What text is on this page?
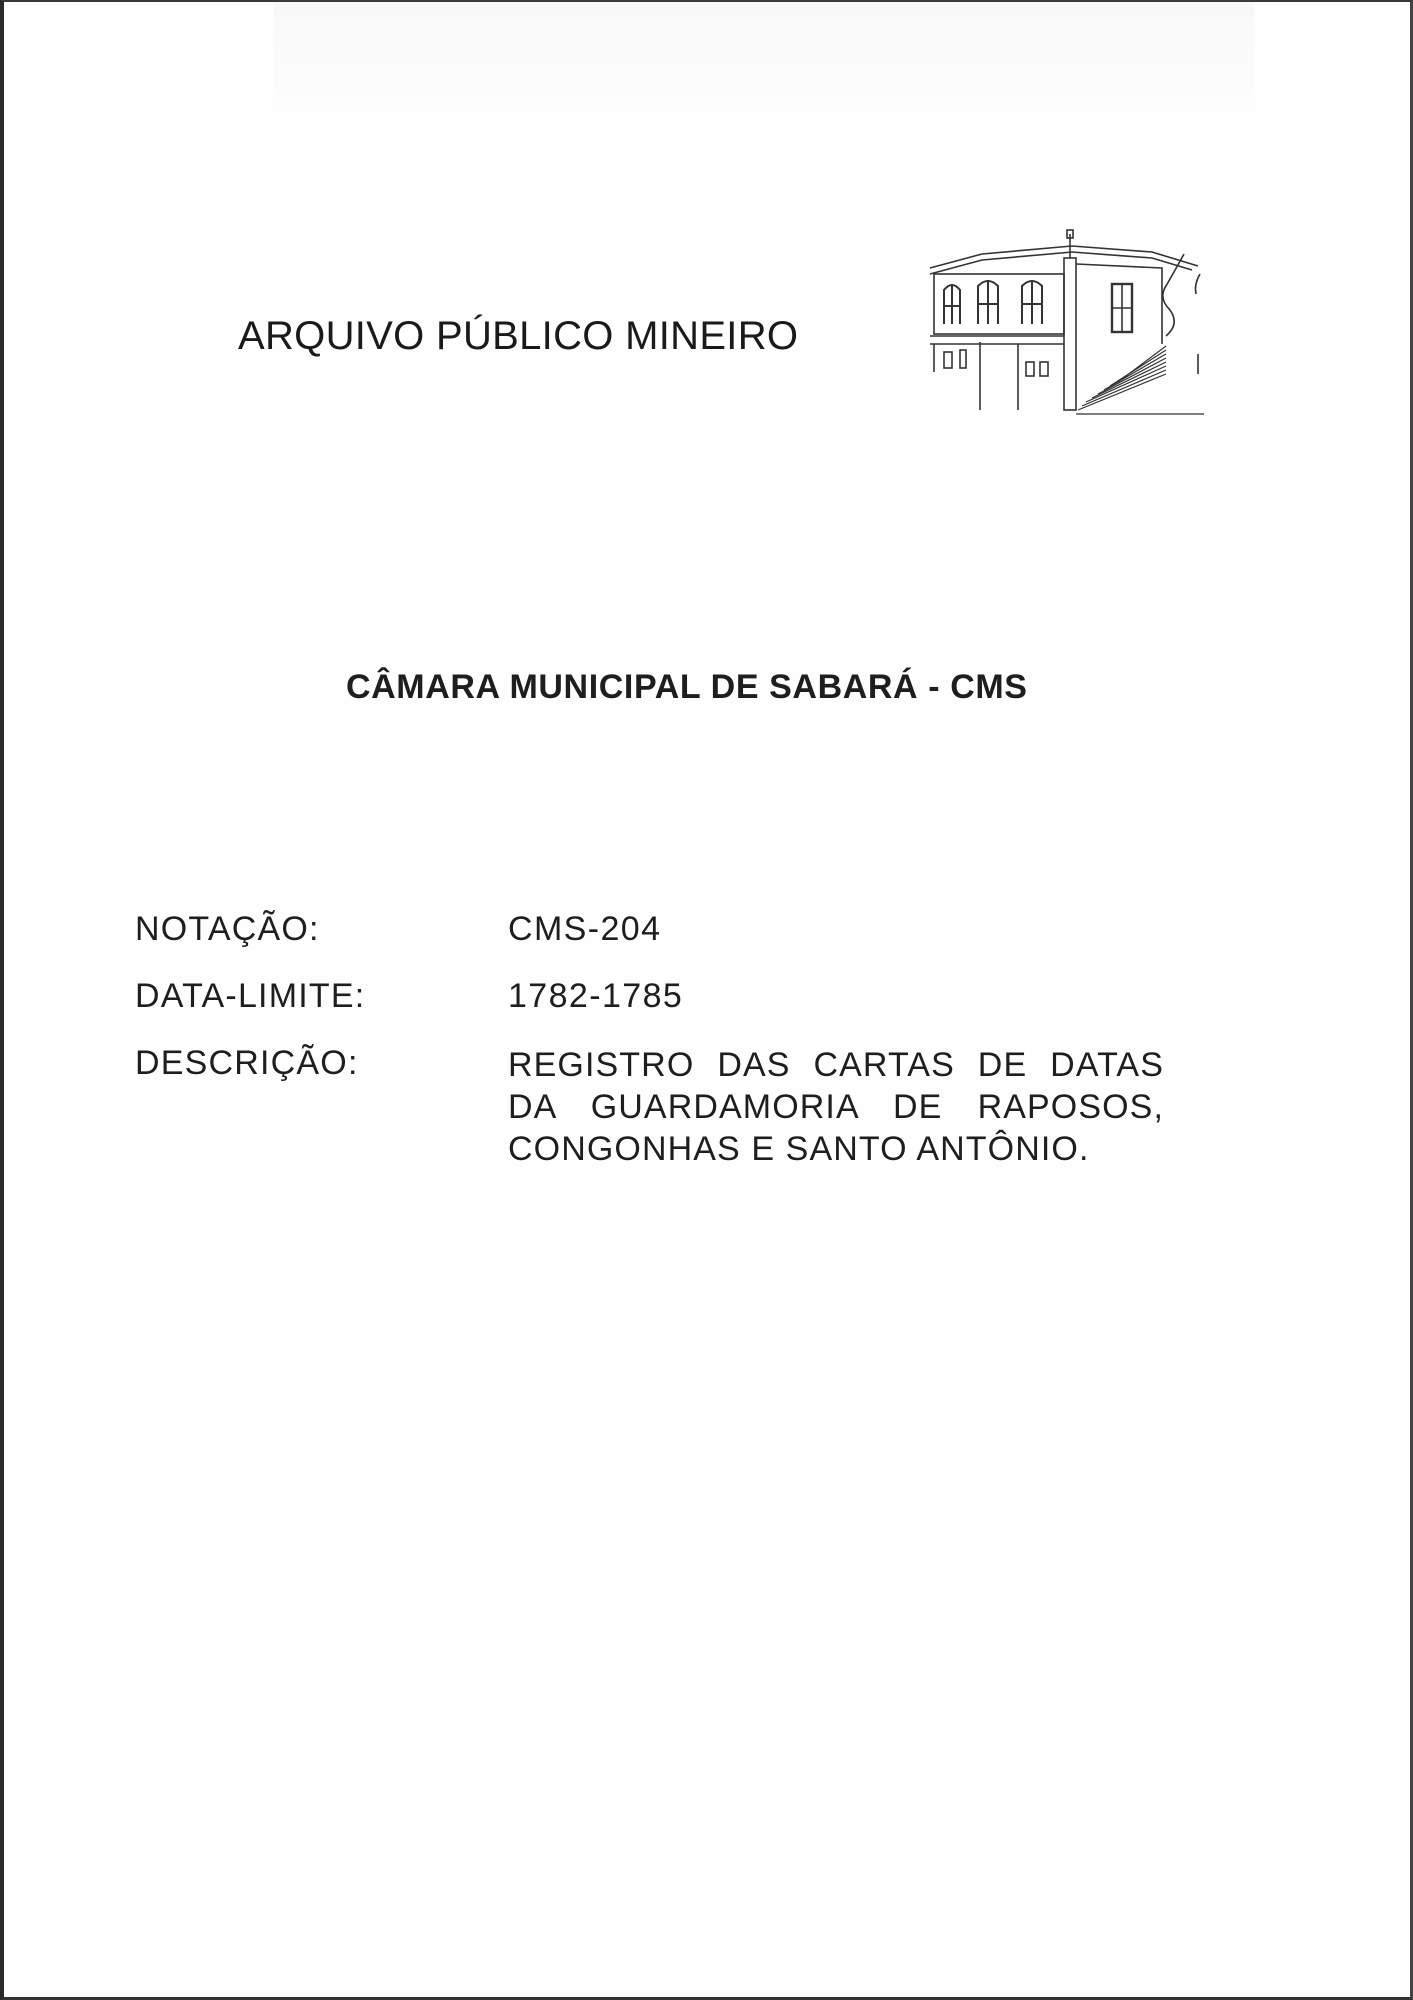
ARQUIVO PÚBLICO MINEIRO
CÂMARA MUNICIPAL DE SABARÁ - CMS
NOTAÇÃO:	CMS-204
DATA-LIMITE:	1782-1785
DESCRIÇÃO:	REGISTRO DAS CARTAS DE DATAS
DA GUARDAMORIA DE RAPOSOS,
CONGONHAS E SANTO ANTÔNIO.
